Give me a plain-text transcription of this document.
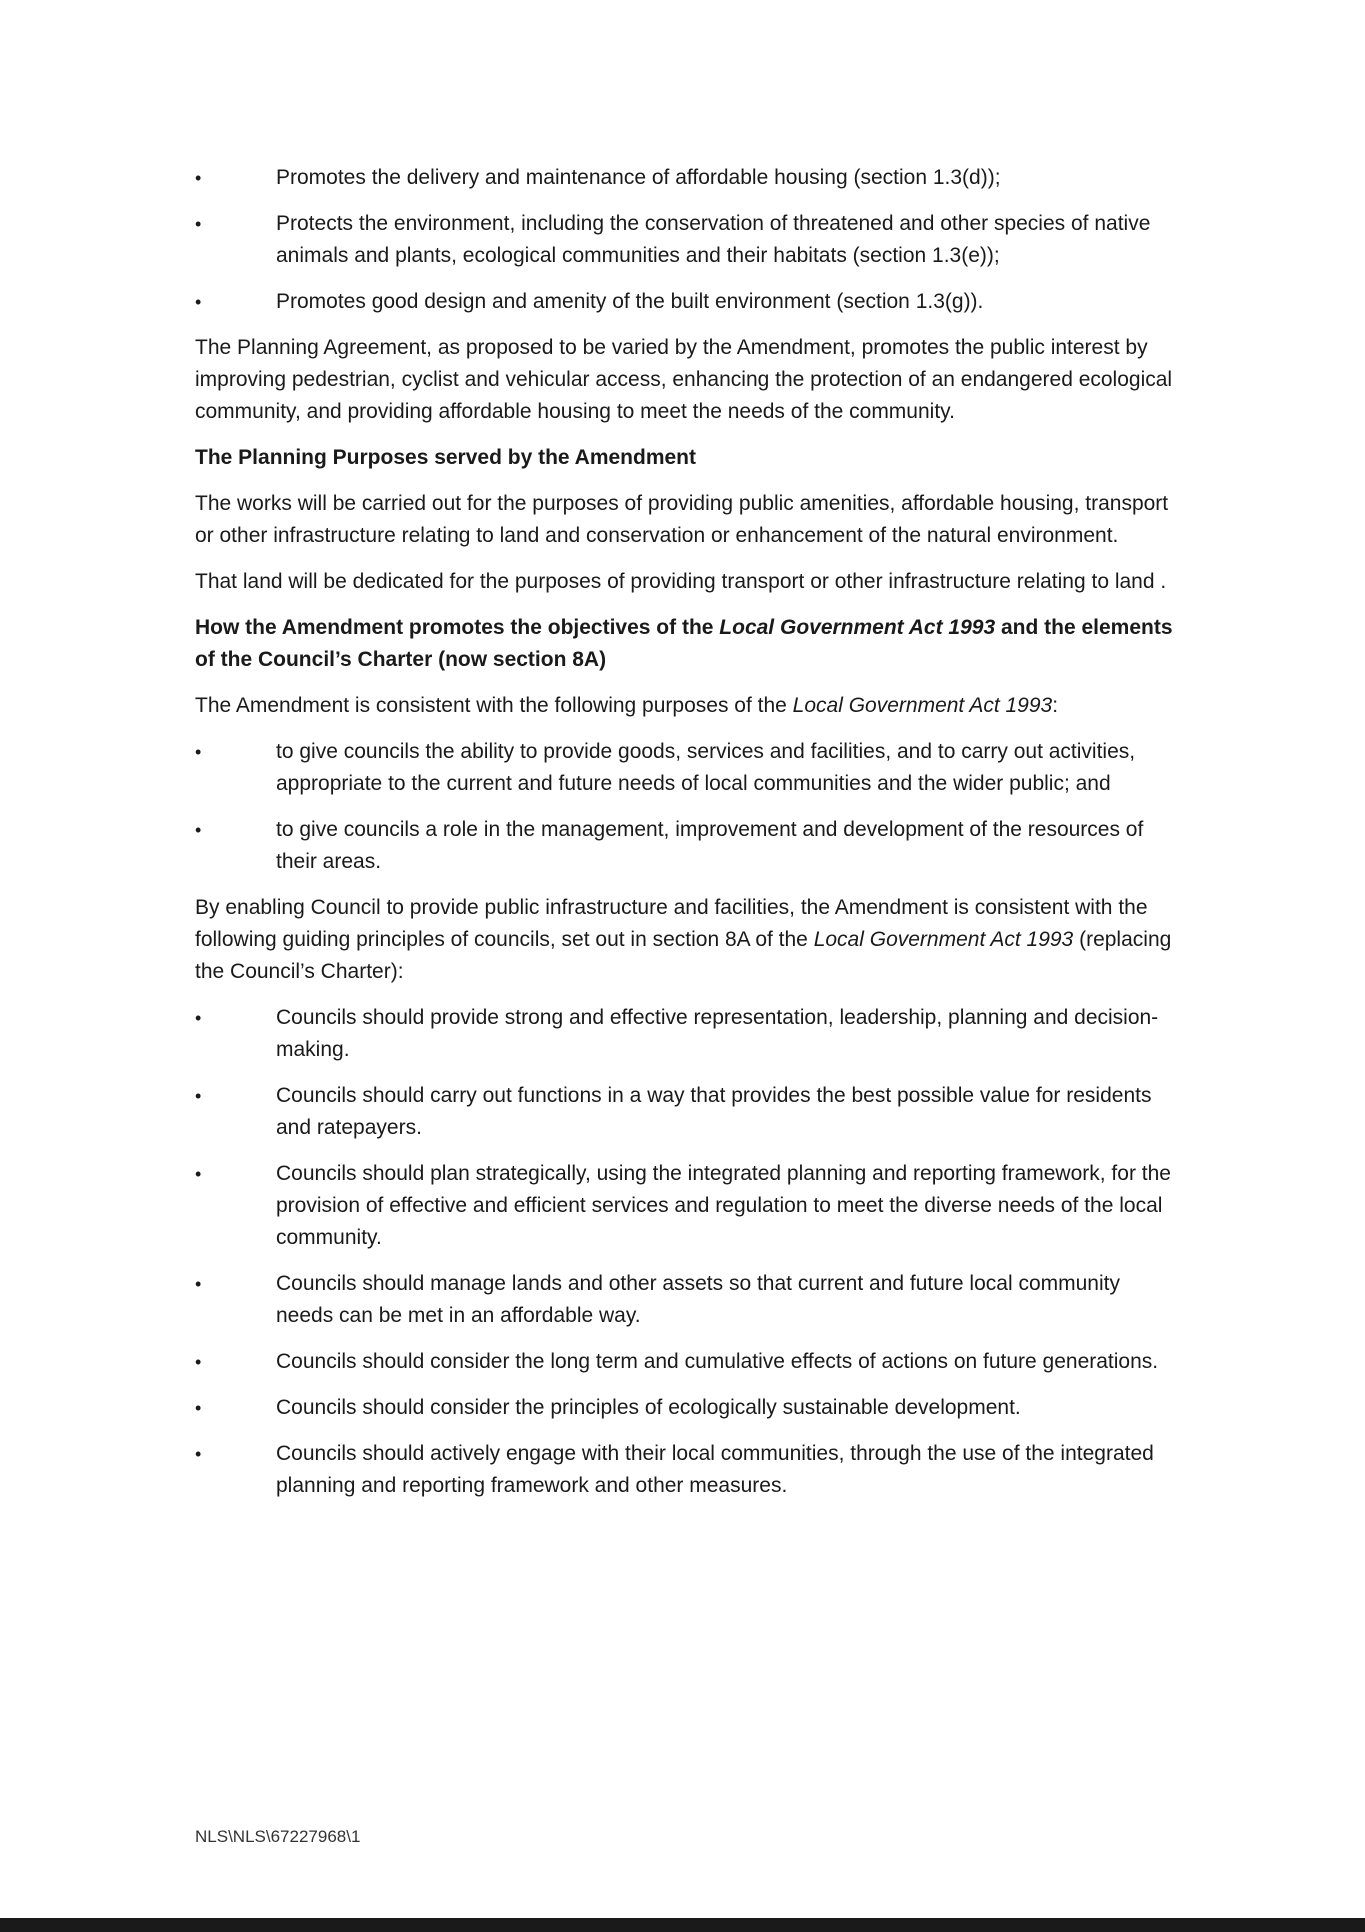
•	Promotes the delivery and maintenance of affordable housing (section 1.3(d));
•	Protects the environment, including the conservation of threatened and other species of native animals and plants, ecological communities and their habitats (section 1.3(e));
•	Promotes good design and amenity of the built environment (section 1.3(g)).

The Planning Agreement, as proposed to be varied by the Amendment, promotes the public interest by improving pedestrian, cyclist and vehicular access, enhancing the protection of an endangered ecological community, and providing affordable housing to meet the needs of the community.

The Planning Purposes served by the Amendment

The works will be carried out for the purposes of providing public amenities, affordable housing, transport or other infrastructure relating to land and conservation or enhancement of the natural environment.

That land will be dedicated for the purposes of providing transport or other infrastructure relating to land .

How the Amendment promotes the objectives of the Local Government Act 1993 and the elements of the Council’s Charter (now section 8A)

The Amendment is consistent with the following purposes of the Local Government Act 1993:

•	to give councils the ability to provide goods, services and facilities, and to carry out activities, appropriate to the current and future needs of local communities and the wider public; and
•	to give councils a role in the management, improvement and development of the resources of their areas.

By enabling Council to provide public infrastructure and facilities, the Amendment is consistent with the following guiding principles of councils, set out in section 8A of the Local Government Act 1993 (replacing the Council’s Charter):

•	Councils should provide strong and effective representation, leadership, planning and decision-making.
•	Councils should carry out functions in a way that provides the best possible value for residents and ratepayers.
•	Councils should plan strategically, using the integrated planning and reporting framework, for the provision of effective and efficient services and regulation to meet the diverse needs of the local community.
•	Councils should manage lands and other assets so that current and future local community needs can be met in an affordable way.
•	Councils should consider the long term and cumulative effects of actions on future generations.
•	Councils should consider the principles of ecologically sustainable development.
•	Councils should actively engage with their local communities, through the use of the integrated planning and reporting framework and other measures.
NLS\NLS\67227968\1
